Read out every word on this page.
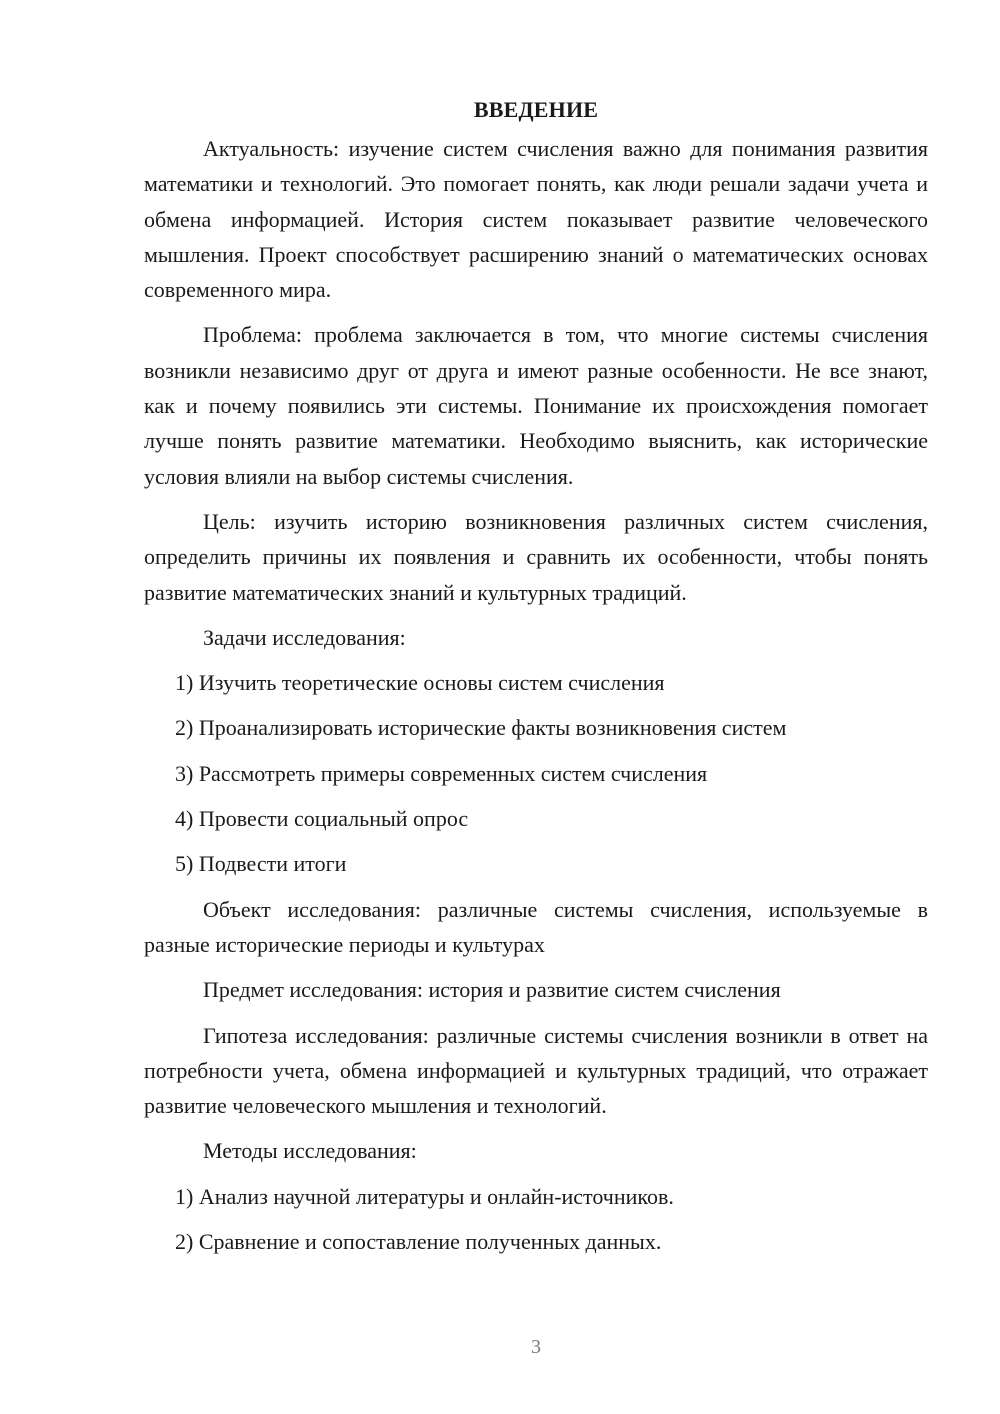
ВВЕДЕНИЕ

Актуальность: изучение систем счисления важно для понимания развития математики и технологий. Это помогает понять, как люди решали задачи учета и обмена информацией. История систем показывает развитие человеческого мышления. Проект способствует расширению знаний о математических основах современного мира.

Проблема: проблема заключается в том, что многие системы счисления возникли независимо друг от друга и имеют разные особенности. Не все знают, как и почему появились эти системы. Понимание их происхождения помогает лучше понять развитие математики. Необходимо выяснить, как исторические условия влияли на выбор системы счисления.

Цель: изучить историю возникновения различных систем счисления, определить причины их появления и сравнить их особенности, чтобы понять развитие математических знаний и культурных традиций.

Задачи исследования:

1) Изучить теоретические основы систем счисления
2) Проанализировать исторические факты возникновения систем
3) Рассмотреть примеры современных систем счисления
4) Провести социальный опрос
5) Подвести итоги

Объект исследования: различные системы счисления, используемые в разные исторические периоды и культурах

Предмет исследования: история и развитие систем счисления

Гипотеза исследования: различные системы счисления возникли в ответ на потребности учета, обмена информацией и культурных традиций, что отражает развитие человеческого мышления и технологий.

Методы исследования:

1) Анализ научной литературы и онлайн-источников.
2) Сравнение и сопоставление полученных данных.
3
